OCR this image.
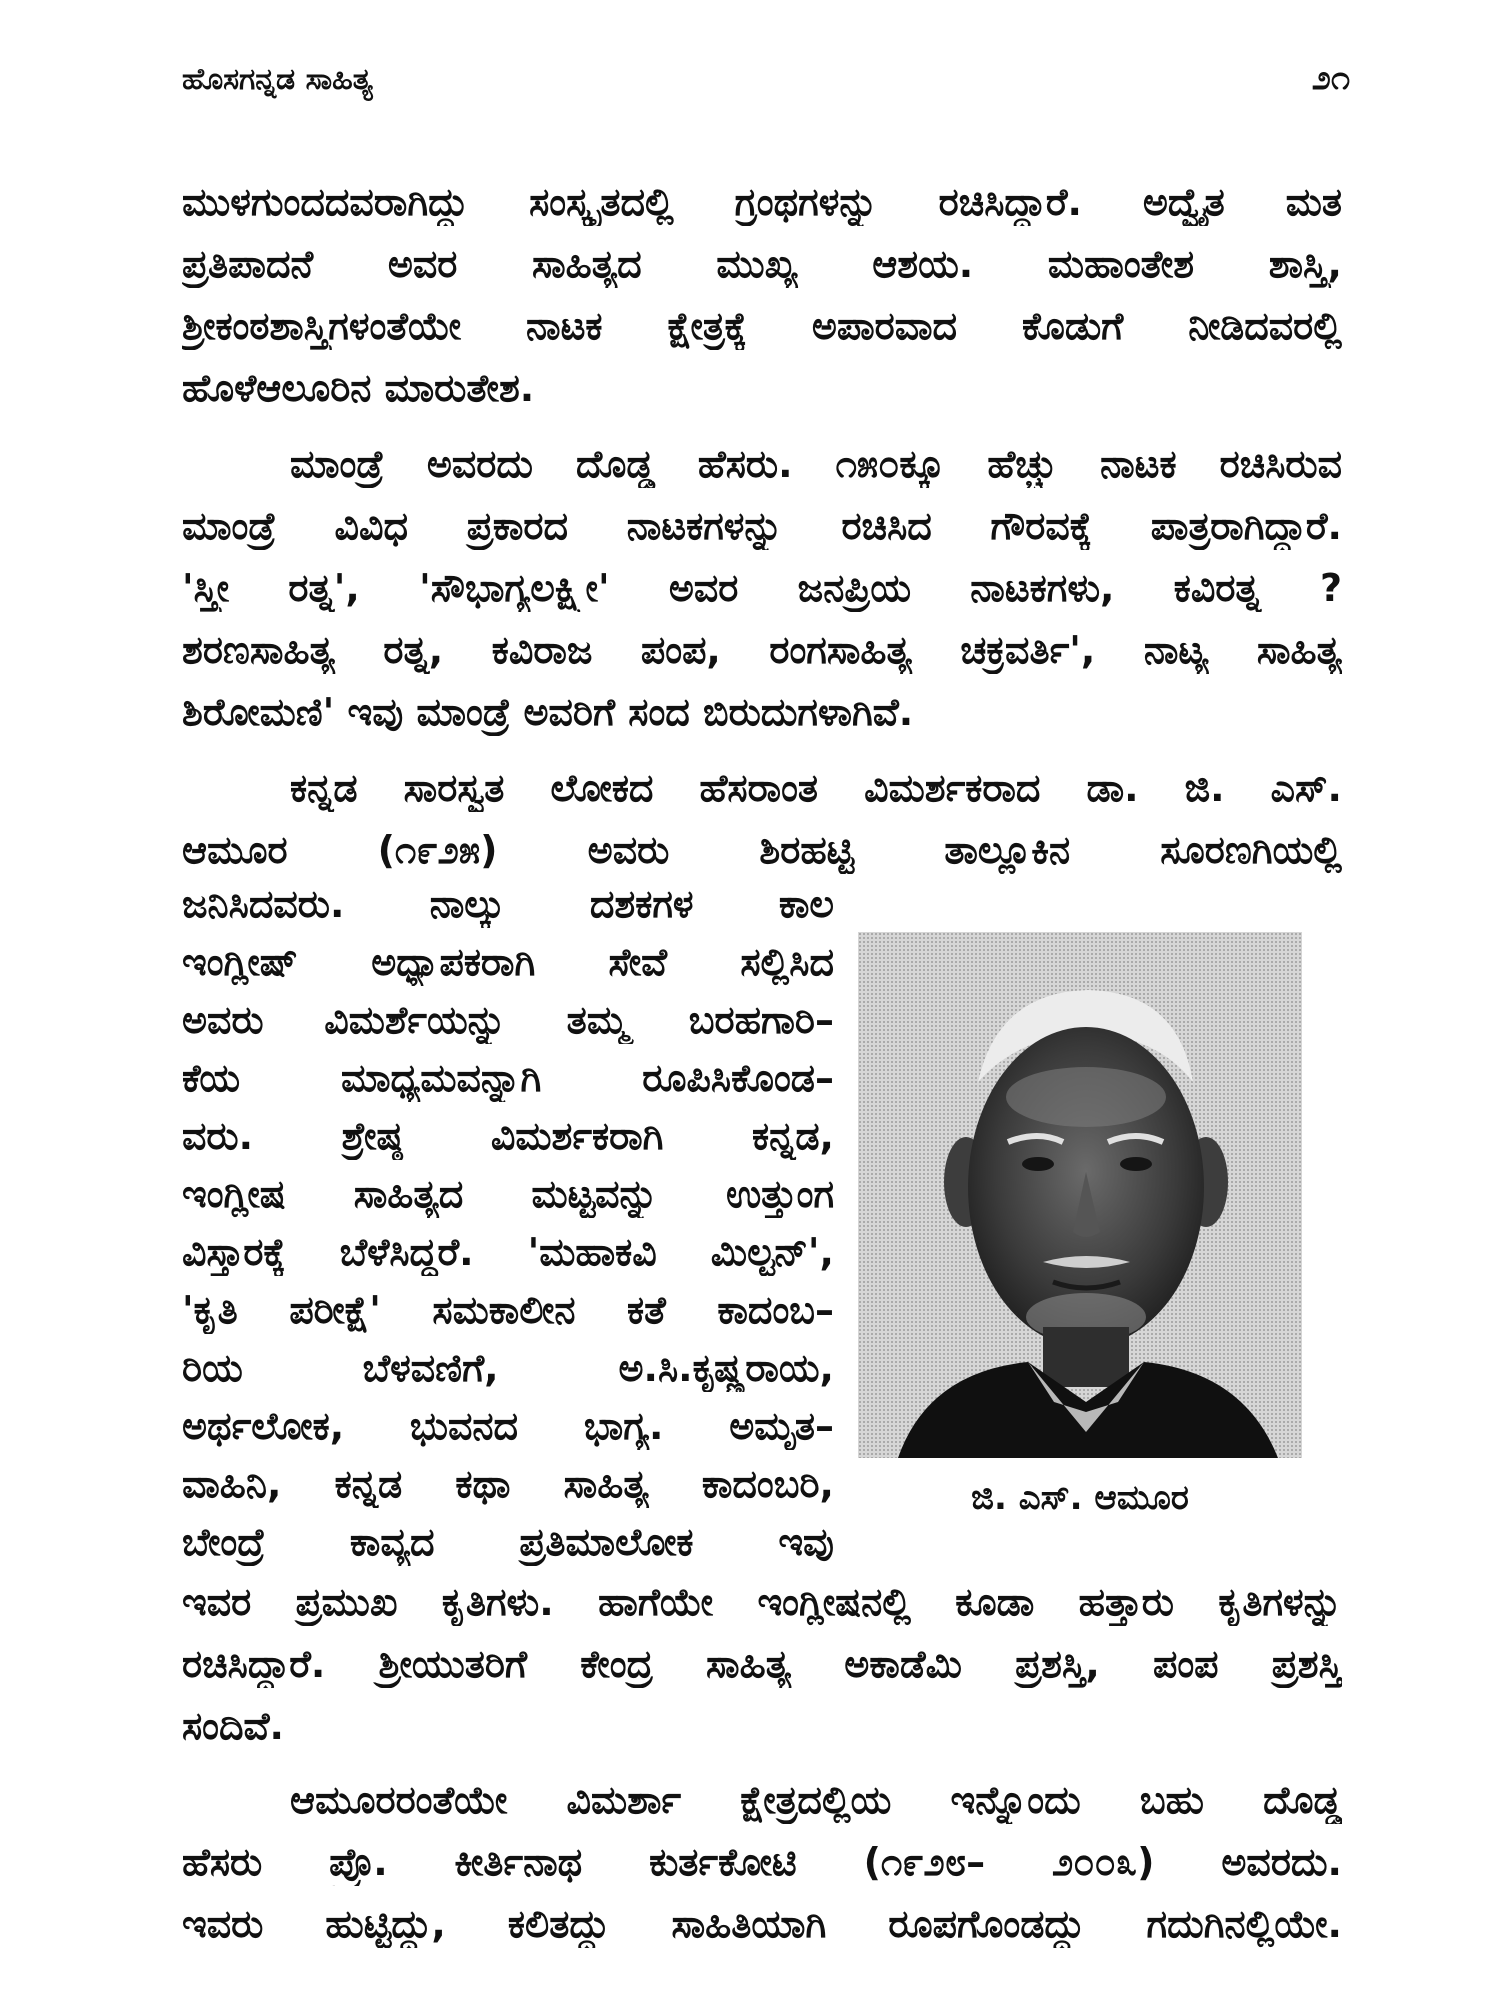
ಹೊಸಗನ್ನಡ ಸಾಹಿತ್ಯ	೨೧
ಮುಳಗುಂದದವರಾಗಿದ್ದು ಸಂಸ್ಕೃತದಲ್ಲಿ ಗ್ರಂಥಗಳನ್ನು ರಚಿಸಿದ್ದಾರೆ. ಅದ್ವೈತ ಮತ
ಪ್ರತಿಪಾದನೆ ಅವರ ಸಾಹಿತ್ಯದ ಮುಖ್ಯ ಆಶಯ. ಮಹಾಂತೇಶ ಶಾಸ್ತ್ರಿ,
ಶ್ರೀಕಂಠಶಾಸ್ತ್ರಿಗಳಂತೆಯೇ ನಾಟಕ ಕ್ಷೇತ್ರಕ್ಕೆ ಅಪಾರವಾದ ಕೊಡುಗೆ ನೀಡಿದವರಲ್ಲಿ
ಹೊಳೆಆಲೂರಿನ ಮಾರುತೇಶ.
ಮಾಂಡ್ರೆ ಅವರದು ದೊಡ್ಡ ಹೆಸರು. ೧೫೦ಕ್ಕೂ ಹೆಚ್ಚು ನಾಟಕ ರಚಿಸಿರುವ
ಮಾಂಡ್ರೆ ವಿವಿಧ ಪ್ರಕಾರದ ನಾಟಕಗಳನ್ನು ರಚಿಸಿದ ಗೌರವಕ್ಕೆ ಪಾತ್ರರಾಗಿದ್ದಾರೆ.
'ಸ್ತ್ರೀ ರತ್ನ', 'ಸೌಭಾಗ್ಯಲಕ್ಷ್ಮೀ' ಅವರ ಜನಪ್ರಿಯ ನಾಟಕಗಳು, ಕವಿರತ್ನ ?
ಶರಣಸಾಹಿತ್ಯ ರತ್ನ, ಕವಿರಾಜ ಪಂಪ, ರಂಗಸಾಹಿತ್ಯ ಚಕ್ರವರ್ತಿ', ನಾಟ್ಯ ಸಾಹಿತ್ಯ
ಶಿರೋಮಣಿ' ಇವು ಮಾಂಡ್ರೆ ಅವರಿಗೆ ಸಂದ ಬಿರುದುಗಳಾಗಿವೆ.
ಕನ್ನಡ ಸಾರಸ್ವತ ಲೋಕದ ಹೆಸರಾಂತ ವಿಮರ್ಶಕರಾದ ಡಾ. ಜಿ. ಎಸ್.
ಆಮೂರ (೧೯೨೫) ಅವರು ಶಿರಹಟ್ಟಿ ತಾಲ್ಲೂಕಿನ ಸೂರಣಗಿಯಲ್ಲಿ
ಜನಿಸಿದವರು. ನಾಲ್ಕು ದಶಕಗಳ ಕಾಲ
ಇಂಗ್ಲೀಷ್ ಅಧ್ಯಾಪಕರಾಗಿ ಸೇವೆ ಸಲ್ಲಿಸಿದ
ಅವರು ವಿಮರ್ಶೆಯನ್ನು ತಮ್ಮ ಬರಹಗಾರಿ–
ಕೆಯ ಮಾಧ್ಯಮವನ್ನಾಗಿ ರೂಪಿಸಿಕೊಂಡ–
ವರು. ಶ್ರೇಷ್ಠ ವಿಮರ್ಶಕರಾಗಿ ಕನ್ನಡ,
ಇಂಗ್ಲೀಷ ಸಾಹಿತ್ಯದ ಮಟ್ಟವನ್ನು ಉತ್ತುಂಗ
ವಿಸ್ತಾರಕ್ಕೆ ಬೆಳೆಸಿದ್ದರೆ. 'ಮಹಾಕವಿ ಮಿಲ್ಟನ್',
'ಕೃತಿ ಪರೀಕ್ಷೆ' ಸಮಕಾಲೀನ ಕತೆ ಕಾದಂಬ–
ರಿಯ ಬೆಳವಣಿಗೆ, ಅ.ಸಿ.ಕೃಷ್ಣರಾಯ,
ಅರ್ಥಲೋಕ, ಭುವನದ ಭಾಗ್ಯ. ಅಮೃತ–
ವಾಹಿನಿ, ಕನ್ನಡ ಕಥಾ ಸಾಹಿತ್ಯ ಕಾದಂಬರಿ,
ಬೇಂದ್ರೆ ಕಾವ್ಯದ ಪ್ರತಿಮಾಲೋಕ ಇವು
ಇವರ ಪ್ರಮುಖ ಕೃತಿಗಳು. ಹಾಗೆಯೇ ಇಂಗ್ಲೀಷನಲ್ಲಿ ಕೂಡಾ ಹತ್ತಾರು ಕೃತಿಗಳನ್ನು
ರಚಿಸಿದ್ದಾರೆ. ಶ್ರೀಯುತರಿಗೆ ಕೇಂದ್ರ ಸಾಹಿತ್ಯ ಅಕಾಡೆಮಿ ಪ್ರಶಸ್ತಿ, ಪಂಪ ಪ್ರಶಸ್ತಿ
ಸಂದಿವೆ.
ಆಮೂರರಂತೆಯೇ ವಿಮರ್ಶಾ ಕ್ಷೇತ್ರದಲ್ಲಿಯ ಇನ್ನೊಂದು ಬಹು ದೊಡ್ಡ
ಹೆಸರು ಪ್ರೊ. ಕೀರ್ತಿನಾಥ ಕುರ್ತಕೋಟಿ (೧೯೨೮– ೨೦೦೩) ಅವರದು.
ಇವರು ಹುಟ್ಟಿದ್ದು, ಕಲಿತದ್ದು ಸಾಹಿತಿಯಾಗಿ ರೂಪಗೊಂಡದ್ದು ಗದುಗಿನಲ್ಲಿಯೇ.
ಜಿ. ಎಸ್. ಆಮೂರ
